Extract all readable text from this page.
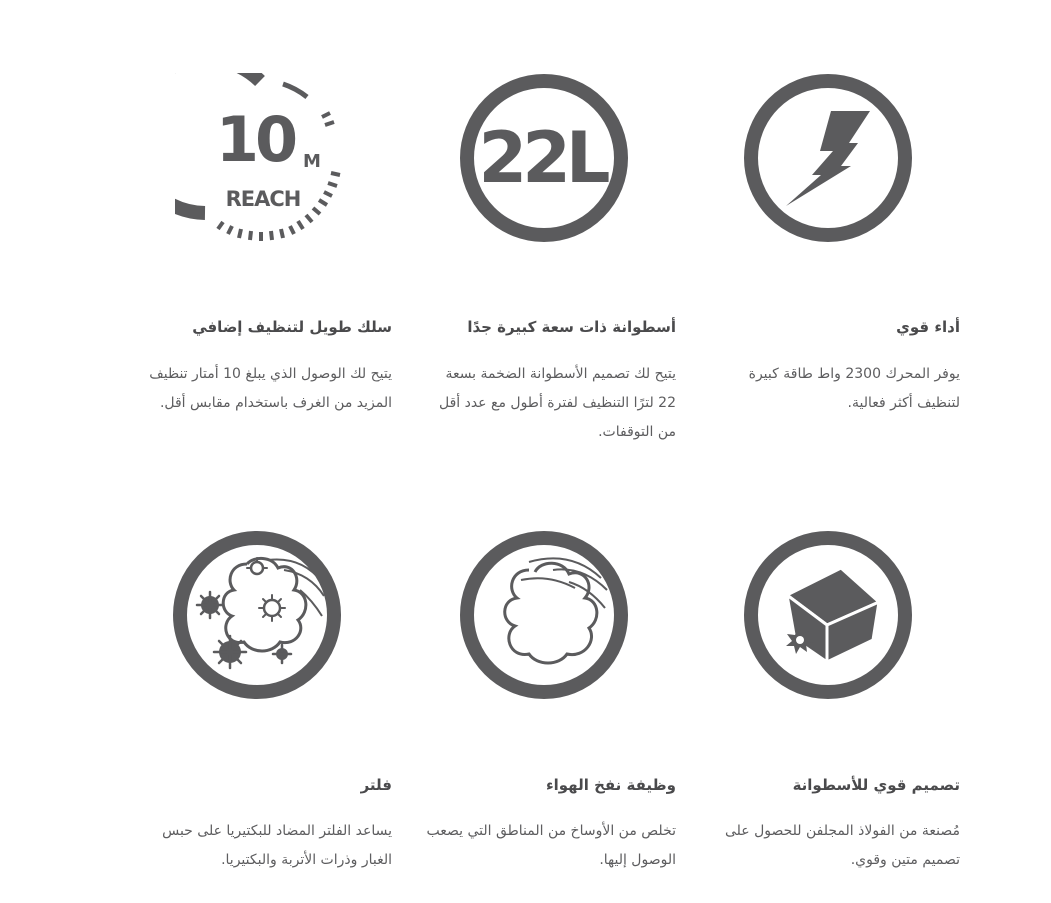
أداء قوي
يوفر المحرك 2300 واط طاقة كبيرة لتنظيف أكثر فعالية.
22L
أسطوانة ذات سعة كبيرة جدًا
يتيح لك تصميم الأسطوانة الضخمة بسعة 22 لترًا التنظيف لفترة أطول مع عدد أقل من التوقفات.
10 M
REACH
سلك طويل لتنظيف إضافي
يتيح لك الوصول الذي يبلغ 10 أمتار تنظيف المزيد من الغرف باستخدام مقابس أقل.
تصميم قوي للأسطوانة
مُصنعة من الفولاذ المجلفن للحصول على تصميم متين وقوي.
وظيفة نفخ الهواء
تخلص من الأوساخ من المناطق التي يصعب الوصول إليها.
فلتر
يساعد الفلتر المضاد للبكتيريا على حبس الغبار وذرات الأتربة والبكتيريا.
